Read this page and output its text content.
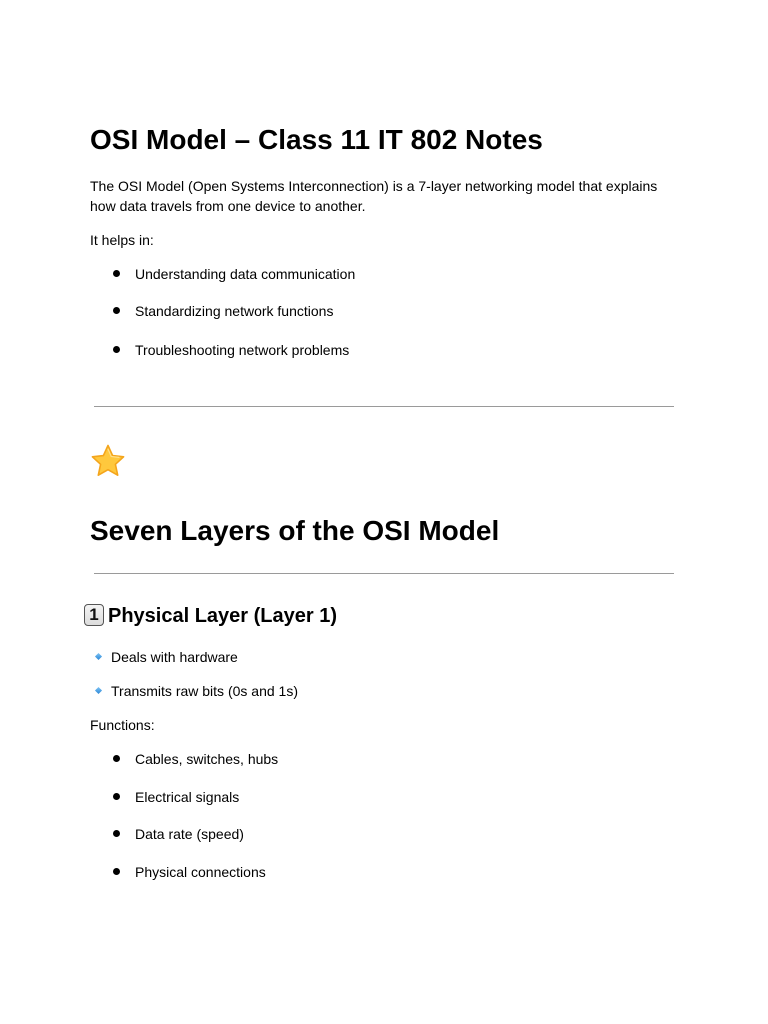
OSI Model – Class 11 IT 802 Notes

The OSI Model (Open Systems Interconnection) is a 7-layer networking model that explains how data travels from one device to another.

It helps in:

Understanding data communication
Standardizing network functions
Troubleshooting network problems
Seven Layers of the OSI Model
1 Physical Layer (Layer 1)
Deals with hardware
Transmits raw bits (0s and 1s)

Functions:

Cables, switches, hubs
Electrical signals
Data rate (speed)
Physical connections
